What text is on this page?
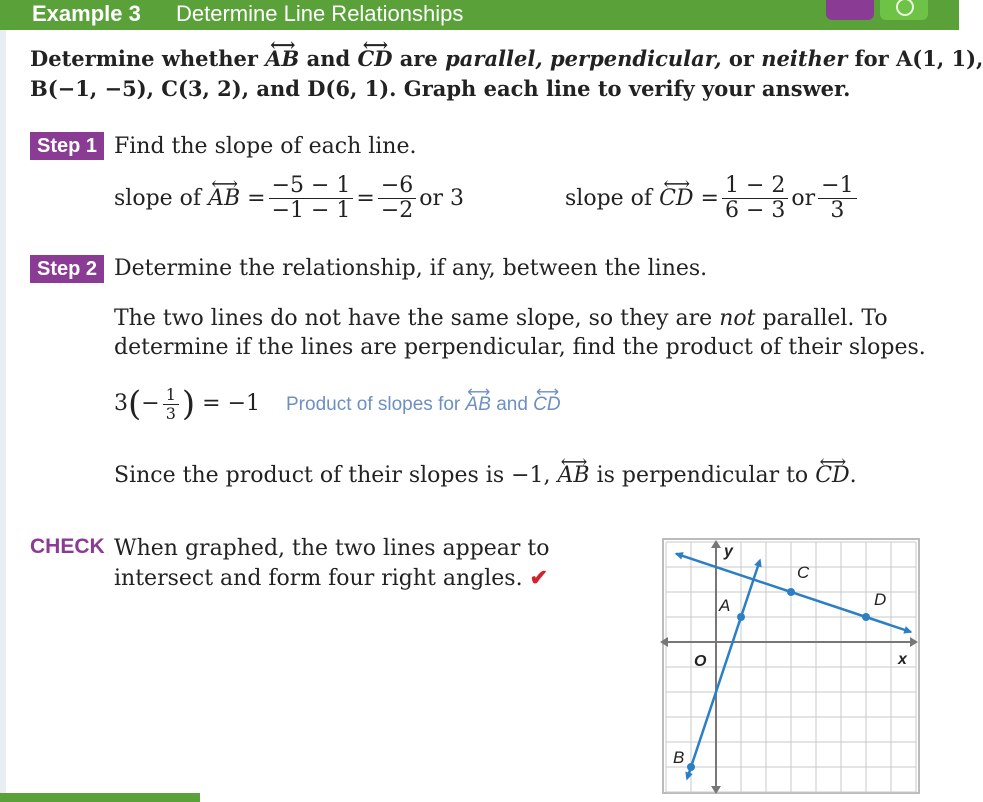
Example 3 Determine Line Relationships
Determine whether ⟷ AB and ⟷ CD are parallel, perpendicular, or neither for A(1, 1),
B(−1, −5), C(3, 2), and D(6, 1). Graph each line to verify your answer.
Step 1 Find the slope of each line.
slope of
⟷ AB
= $\frac{-5 - 1}{-1 - 1} = \frac{-6}{-2}$ or 3	slope of
⟷ CD
= $\frac{1 - 2}{6 - 3}$ or $\frac{-1}{3}$
Step 2 Determine the relationship, if any, between the lines.
The two lines do not have the same slope, so they are not parallel. To
determine if the lines are perpendicular, find the product of their slopes.
3 ( − $\frac{1}{3}$ )
= −1 Product of slopes for ⟷ AB and ⟷ CD
Since the product of their slopes is −1, ⟷ AB is perpendicular to ⟷ CD.
CHECK When graphed, the two lines appear to
intersect and form four right angles. ✔
A
B
C
D
y
x
O
